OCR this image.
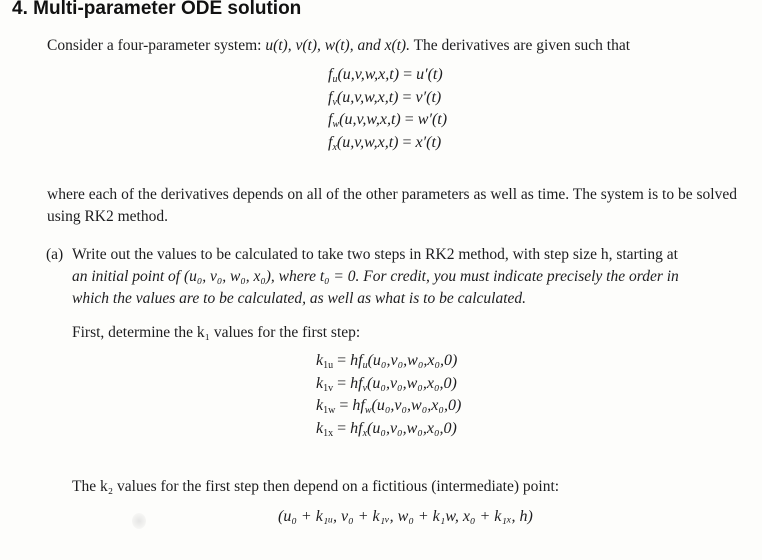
4. Multi-parameter ODE solution
Consider a four-parameter system: u(t), v(t), w(t), and x(t). The derivatives are given such that
$f_u(u,v,w,x,t) = u'(t)$
$f_v(u,v,w,x,t) = v'(t)$
$f_w(u,v,w,x,t) = w'(t)$
$f_x(u,v,w,x,t) = x'(t)$
where each of the derivatives depends on all of the other parameters as well as time. The system is to be solved using RK2 method.
(a) Write out the values to be calculated to take two steps in RK2 method, with step size h, starting at
an initial point of (u₀, v₀, w₀, x₀), where t₀ = 0. For credit, you must indicate precisely the order in
which the values are to be calculated, as well as what is to be calculated.
First, determine the k₁ values for the first step:
$k_{1u} = hf_u(u_0,v_0,w_0,x_0,0)$
$k_{1v} = hf_v(u_0,v_0,w_0,x_0,0)$
$k_{1w} = hf_w(u_0,v_0,w_0,x_0,0)$
$k_{1x} = hf_x(u_0,v_0,w_0,x_0,0)$
The k₂ values for the first step then depend on a fictitious (intermediate) point:
(u₀ + k₁ᵤ, v₀ + k₁ᵥ, w₀ + k₁w, x₀ + k₁ₓ, h)
